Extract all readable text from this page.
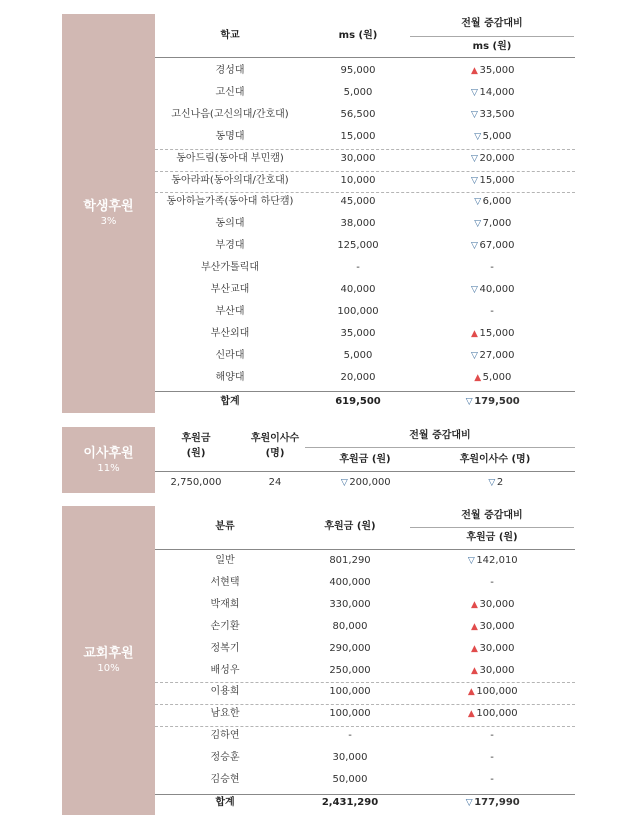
학생후원
3%
학교	ms (원)
전월 증감대비
ms (원)
경성대	95,000	▲ 35,000
고신대	5,000	▽ 14,000
고신나음(고신의대/간호대)	56,500	▽ 33,500
동명대	15,000	▽ 5,000
동아드림(동아대 부민캠)	30,000	▽ 20,000
동아라파(동아의대/간호대)	10,000	▽ 15,000
동아하늘가족(동아대 하단캠)	45,000	▽ 6,000
동의대	38,000	▽ 7,000
부경대	125,000	▽ 67,000
부산가톨릭대	-	-
부산교대	40,000	▽ 40,000
부산대	100,000	-
부산외대	35,000	▲ 15,000
신라대	5,000	▽ 27,000
해양대	20,000	▲ 5,000
합계	619,500	▽ 179,500
이사후원
11%
후원금
(원)
후원이사수
(명)
전월 증감대비
후원금 (원)	후원이사수 (명)
2,750,000	24	▽ 200,000	▽ 2
교회후원
10%
분류	후원금 (원)
전월 증감대비
후원금 (원)
일반	801,290	▽ 142,010
서현택	400,000	-
박재희	330,000	▲ 30,000
손기환	80,000	▲ 30,000
정복기	290,000	▲ 30,000
배성우	250,000	▲ 30,000
이용희	100,000	▲ 100,000
남요한	100,000	▲ 100,000
김하연	-	-
정승훈	30,000	-
김승현	50,000	-
합계	2,431,290	▽ 177,990
